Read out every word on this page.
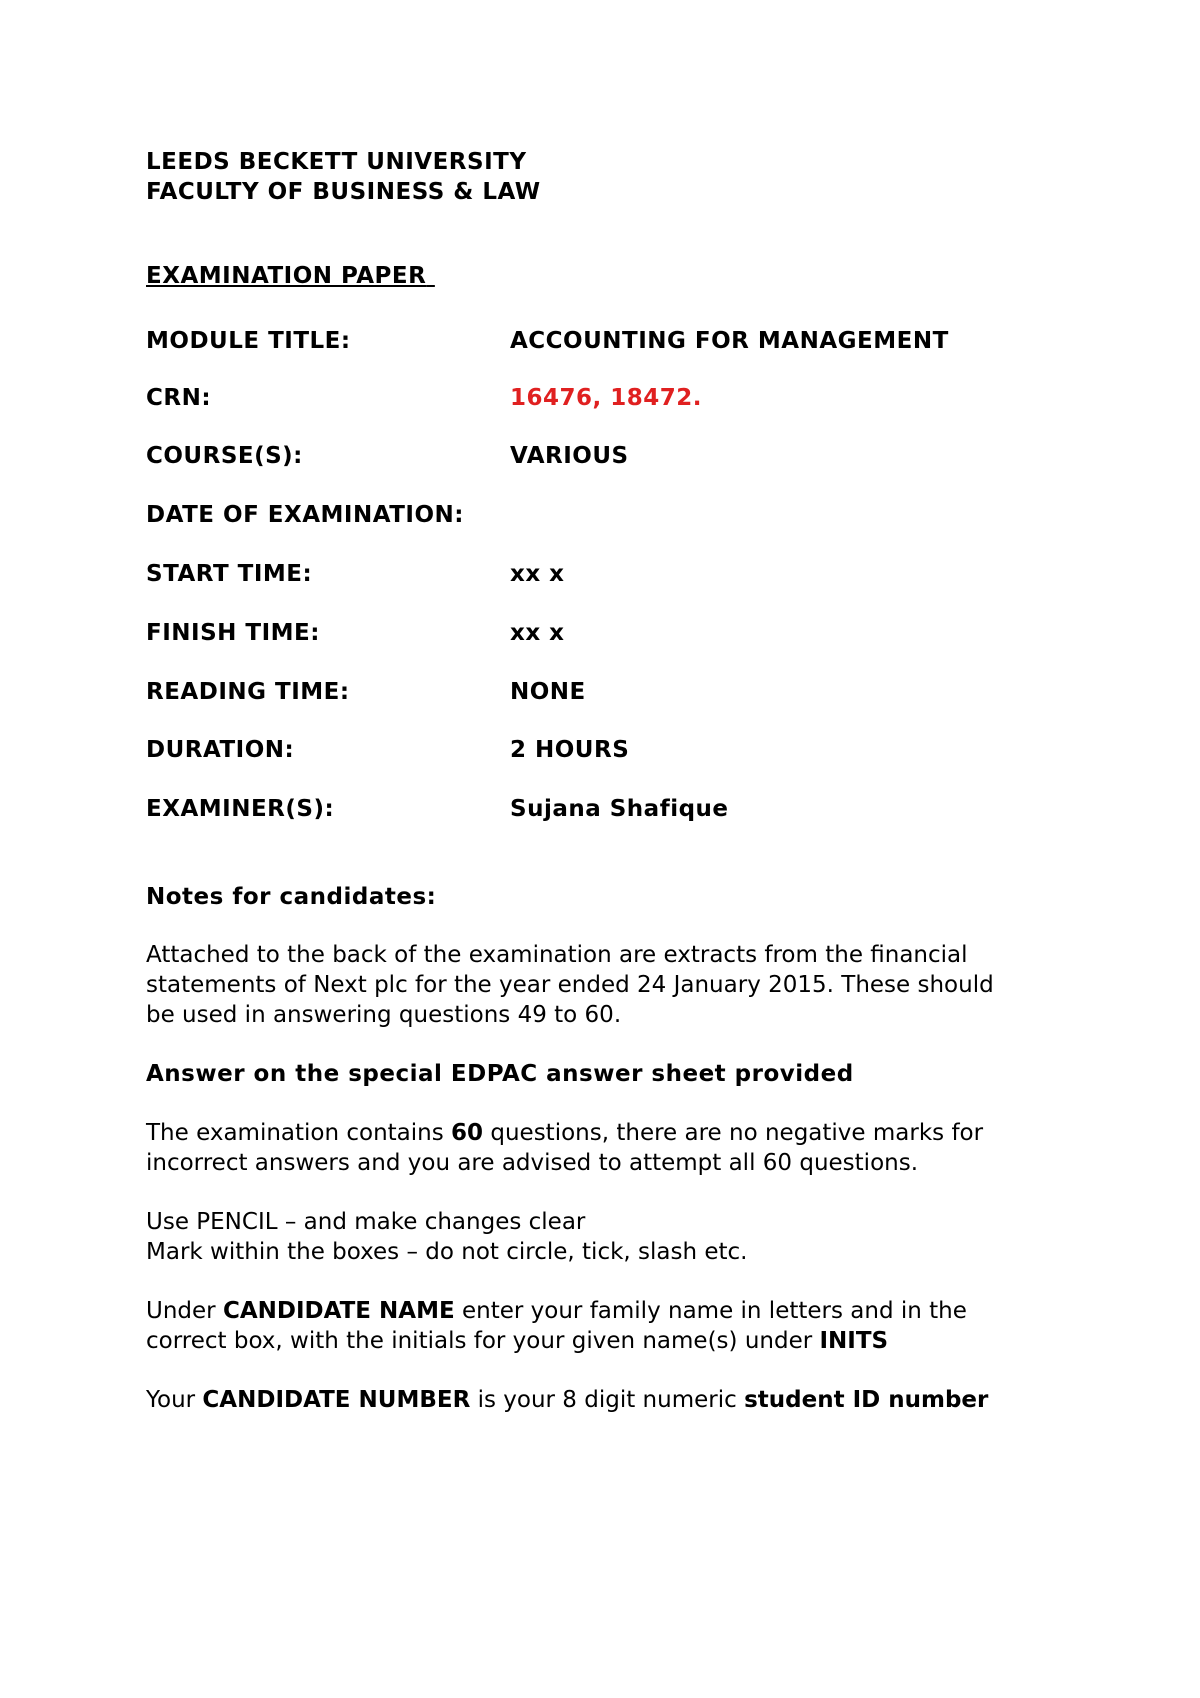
LEEDS BECKETT UNIVERSITY
FACULTY OF BUSINESS & LAW
EXAMINATION PAPER
MODULE TITLE:	ACCOUNTING FOR MANAGEMENT
CRN:	16476, 18472.
COURSE(S):	VARIOUS
DATE OF EXAMINATION:
START TIME:	xx x
FINISH TIME:	xx x
READING TIME:	NONE
DURATION:	2 HOURS
EXAMINER(S):	Sujana Shafique
Notes for candidates:
Attached to the back of the examination are extracts from the financial
statements of Next plc for the year ended 24 January 2015. These should
be used in answering questions 49 to 60.
Answer on the special EDPAC answer sheet provided
The examination contains 60 questions, there are no negative marks for
incorrect answers and you are advised to attempt all 60 questions.
Use PENCIL – and make changes clear
Mark within the boxes – do not circle, tick, slash etc.
Under CANDIDATE NAME enter your family name in letters and in the
correct box, with the initials for your given name(s) under INITS
Your CANDIDATE NUMBER is your 8 digit numeric student ID number
